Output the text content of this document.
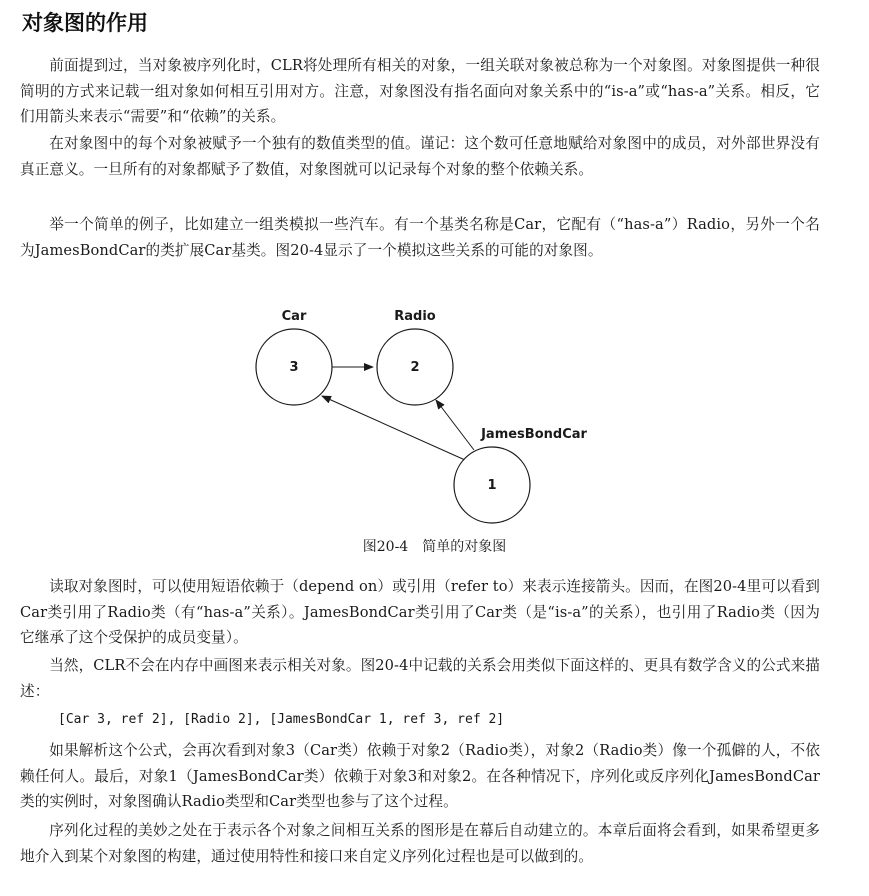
对象图的作用

前面提到过，当对象被序列化时，CLR将处理所有相关的对象，一组关联对象被总称为一个对象图。对象图提供一种很简明的方式来记载一组对象如何相互引用对方。注意，对象图没有指名面向对象关系中的“is-a”或“has-a”关系。相反，它们用箭头来表示“需要”和“依赖”的关系。

在对象图中的每个对象被赋予一个独有的数值类型的值。谨记：这个数可任意地赋给对象图中的成员，对外部世界没有真正意义。一旦所有的对象都赋予了数值，对象图就可以记录每个对象的整个依赖关系。

举一个简单的例子，比如建立一组类模拟一些汽车。有一个基类名称是Car，它配有（“has-a”）Radio，另外一个名为JamesBondCar的类扩展Car基类。图20-4显示了一个模拟这些关系的可能的对象图。

Car
3
Radio
2
JamesBondCar
1

图20-4　简单的对象图

读取对象图时，可以使用短语依赖于（depend on）或引用（refer to）来表示连接箭头。因而，在图20-4里可以看到Car类引用了Radio类（有“has-a”关系）。JamesBondCar类引用了Car类（是“is-a”的关系），也引用了Radio类（因为它继承了这个受保护的成员变量）。

当然，CLR不会在内存中画图来表示相关对象。图20-4中记载的关系会用类似下面这样的、更具有数学含义的公式来描述：

[Car 3, ref 2], [Radio 2], [JamesBondCar 1, ref 3, ref 2]

如果解析这个公式，会再次看到对象3（Car类）依赖于对象2（Radio类），对象2（Radio类）像一个孤僻的人，不依赖任何人。最后，对象1（JamesBondCar类）依赖于对象3和对象2。在各种情况下，序列化或反序列化JamesBondCar类的实例时，对象图确认Radio类型和Car类型也参与了这个过程。

序列化过程的美妙之处在于表示各个对象之间相互关系的图形是在幕后自动建立的。本章后面将会看到，如果希望更多地介入到某个对象图的构建，通过使用特性和接口来自定义序列化过程也是可以做到的。
